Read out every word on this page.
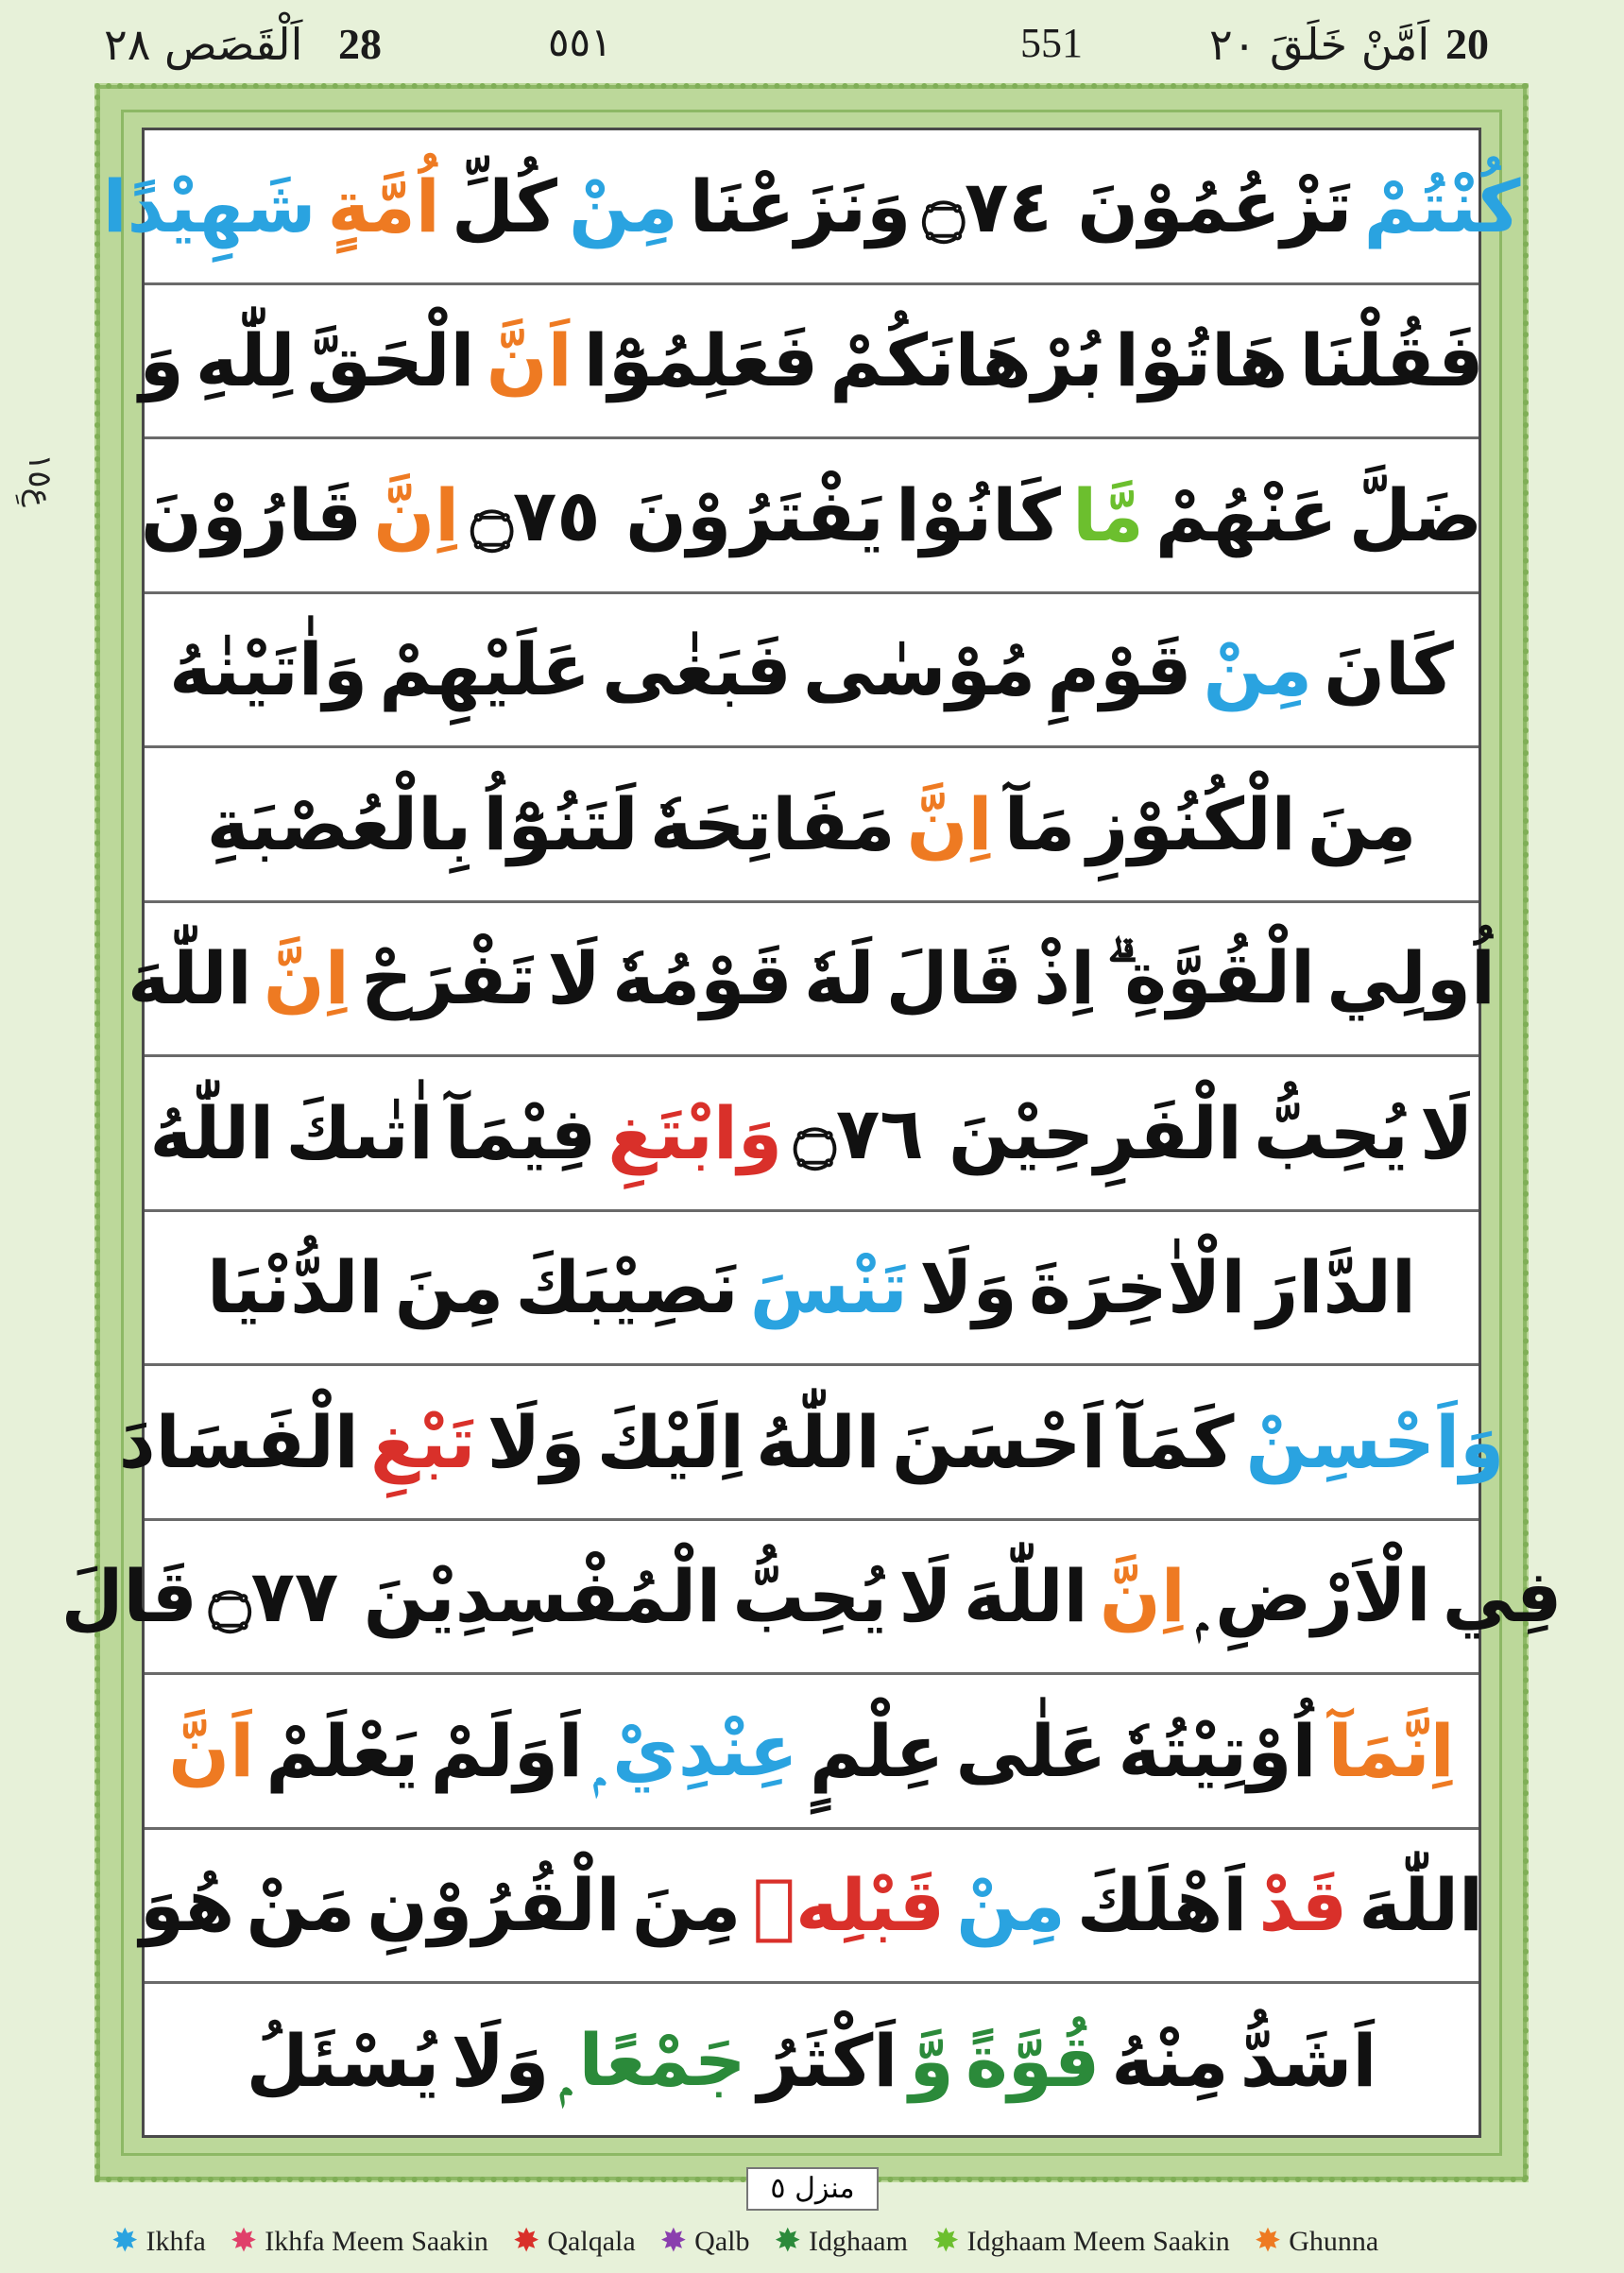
20
اَمَّنْ خَلَقَ ٢٠
551
٥٥١
28
اَلْقَصَص ٢٨
عِ١٥
كُنْتُمْ
تَزْعُمُوْنَ ۝٧٤
وَنَزَعْنَا
مِنْ
كُلِّ
اُمَّةٍ
شَهِيْدًا
فَقُلْنَا
هَاتُوْا
بُرْهَانَكُمْ
فَعَلِمُوْٓا
اَنَّ
الْحَقَّ
لِلّٰهِ
وَ
ضَلَّ
عَنْهُمْ
مَّا
كَانُوْا
يَفْتَرُوْنَ ۝٧٥
اِنَّ
قَارُوْنَ
كَانَ
مِنْ
قَوْمِ
مُوْسٰى
فَبَغٰى
عَلَيْهِمْ
وَاٰتَيْنٰهُ
مِنَ
الْكُنُوْزِ
مَآ
اِنَّ
مَفَاتِحَهٗ
لَتَنُوْٓاُ
بِالْعُصْبَةِ
اُولِي
الْقُوَّةِ ۗ
اِذْ
قَالَ
لَهٗ
قَوْمُهٗ
لَا
تَفْرَحْ
اِنَّ
اللّٰهَ
لَا
يُحِبُّ
الْفَرِحِيْنَ ۝٧٦
وَابْتَغِ
فِيْمَآ
اٰتٰىكَ
اللّٰهُ
الدَّارَ
الْاٰخِرَةَ
وَلَا
تَنْسَ
نَصِيْبَكَ
مِنَ
الدُّنْيَا
وَاَحْسِنْ
كَمَآ
اَحْسَنَ
اللّٰهُ
اِلَيْكَ
وَلَا
تَبْغِ
الْفَسَادَ
فِي
الْاَرْضِ ۭ
اِنَّ
اللّٰهَ
لَا
يُحِبُّ
الْمُفْسِدِيْنَ ۝٧٧
قَالَ
اِنَّمَآ
اُوْتِيْتُهٗ
عَلٰى
عِلْمٍ
عِنْدِيْ ۭ
اَوَلَمْ
يَعْلَمْ
اَنَّ
اللّٰهَ
قَدْ
اَهْلَكَ
مِنْ
قَبْلِهٖ
مِنَ
الْقُرُوْنِ
مَنْ
هُوَ
اَشَدُّ
مِنْهُ
قُوَّةً
وَّ
اَكْثَرُ
جَمْعًا ۭ
وَلَا
يُسْئَلُ
منزل ٥
✸ Ikhfa ✸ Ikhfa Meem Saakin ✸ Qalqala ✸ Qalb ✸ Idghaam ✸ Idghaam Meem Saakin ✸ Ghunna
